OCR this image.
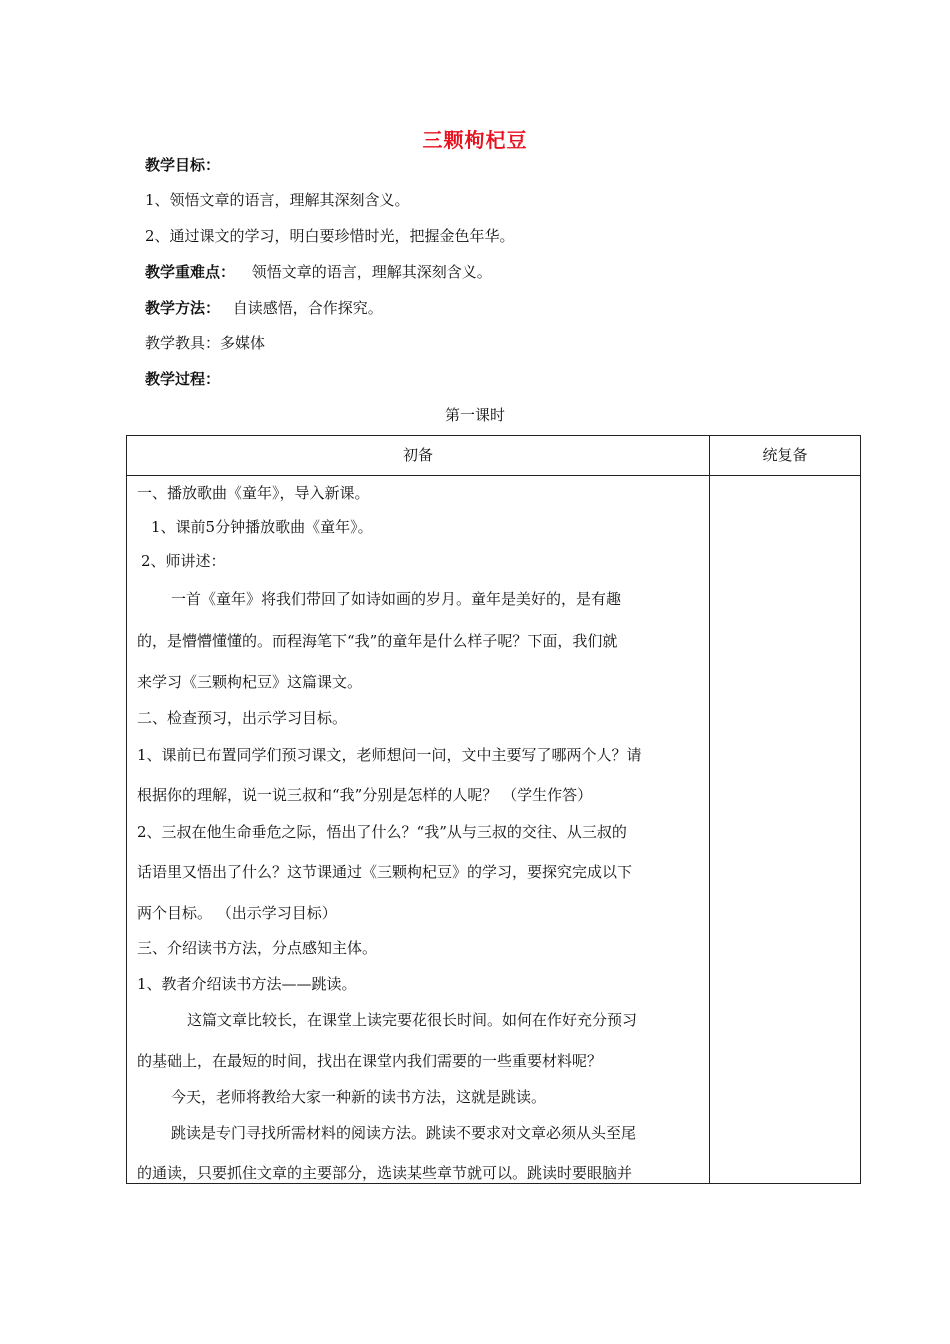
三颗枸杞豆
教学目标：
1、领悟文章的语言，理解其深刻含义。
2、通过课文的学习，明白要珍惜时光，把握金色年华。
教学重难点： 领悟文章的语言，理解其深刻含义。
教学方法： 自读感悟，合作探究。
教学教具：多媒体
教学过程：
第一课时
初备	统复备
一、播放歌曲《童年》，导入新课。
1、课前5分钟播放歌曲《童年》。
2、师讲述：
一首《童年》将我们带回了如诗如画的岁月。童年是美好的，是有趣
的，是懵懵懂懂的。而程海笔下“我”的童年是什么样子呢？下面，我们就
来学习《三颗枸杞豆》这篇课文。
二、检查预习，出示学习目标。
1、课前已布置同学们预习课文，老师想问一问，文中主要写了哪两个人？请
根据你的理解，说一说三叔和“我”分别是怎样的人呢？ （学生作答）
2、三叔在他生命垂危之际，悟出了什么？“我”从与三叔的交往、从三叔的
话语里又悟出了什么？这节课通过《三颗枸杞豆》的学习，要探究完成以下
两个目标。 （出示学习目标）
三、介绍读书方法，分点感知主体。
1、教者介绍读书方法——跳读。
这篇文章比较长，在课堂上读完要花很长时间。如何在作好充分预习
的基础上，在最短的时间，找出在课堂内我们需要的一些重要材料呢？
今天，老师将教给大家一种新的读书方法，这就是跳读。
跳读是专门寻找所需材料的阅读方法。跳读不要求对文章必须从头至尾
的通读，只要抓住文章的主要部分，选读某些章节就可以。跳读时要眼脑并
